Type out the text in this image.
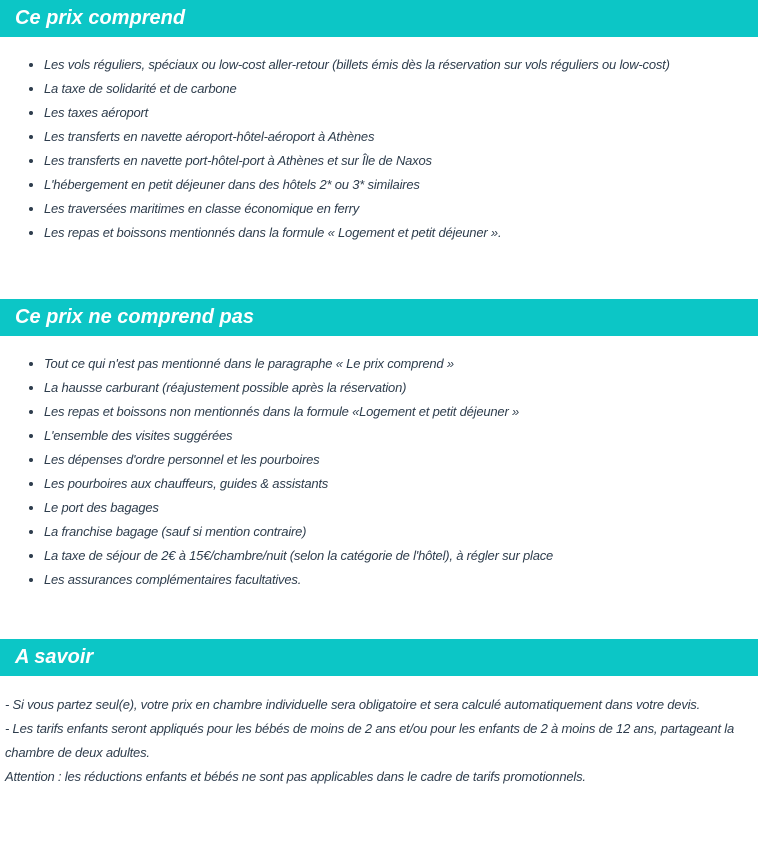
Ce prix comprend
• Les vols réguliers, spéciaux ou low-cost aller-retour (billets émis dès la réservation sur vols réguliers ou low-cost)
• La taxe de solidarité et de carbone
• Les taxes aéroport
• Les transferts en navette aéroport-hôtel-aéroport à Athènes
• Les transferts en navette port-hôtel-port à Athènes et sur Île de Naxos
• L'hébergement en petit déjeuner dans des hôtels 2* ou 3* similaires
• Les traversées maritimes en classe économique en ferry
• Les repas et boissons mentionnés dans la formule « Logement et petit déjeuner ».
Ce prix ne comprend pas
• Tout ce qui n'est pas mentionné dans le paragraphe « Le prix comprend »
• La hausse carburant (réajustement possible après la réservation)
• Les repas et boissons non mentionnés dans la formule «Logement et petit déjeuner »
• L'ensemble des visites suggérées
• Les dépenses d'ordre personnel et les pourboires
• Les pourboires aux chauffeurs, guides & assistants
• Le port des bagages
• La franchise bagage (sauf si mention contraire)
• La taxe de séjour de 2€ à 15€/chambre/nuit (selon la catégorie de l'hôtel), à régler sur place
• Les assurances complémentaires facultatives.
A savoir

- Si vous partez seul(e), votre prix en chambre individuelle sera obligatoire et sera calculé automatiquement dans votre devis.

- Les tarifs enfants seront appliqués pour les bébés de moins de 2 ans et/ou pour les enfants de 2 à moins de 12 ans, partageant la chambre de deux adultes.

Attention : les réductions enfants et bébés ne sont pas applicables dans le cadre de tarifs promotionnels.
